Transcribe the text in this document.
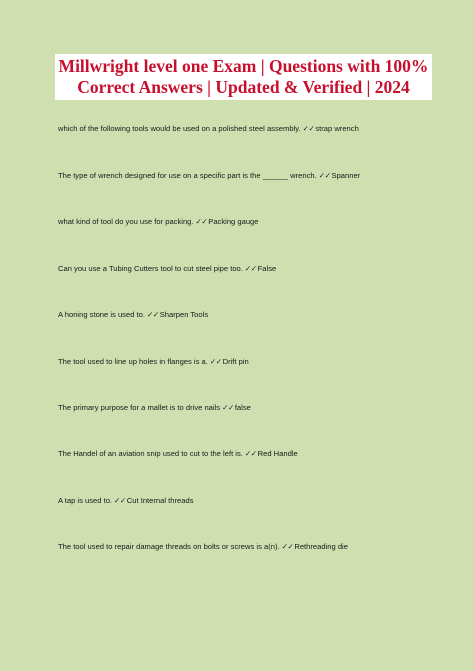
Millwright level one Exam | Questions with 100%
Correct Answers | Updated & Verified | 2024
which of the following tools would be used on a polished steel assembly. ✓✓strap wrench
The type of wrench designed for use on a specific part is the ______ wrench. ✓✓Spanner
what kind of tool do you use for packing. ✓✓Packing gauge
Can you use a Tubing Cutters tool to cut steel pipe too. ✓✓False
A honing stone is used to. ✓✓Sharpen Tools
The tool used to line up holes in flanges is a. ✓✓Drift pin
The primary purpose for a mallet is to drive nails ✓✓false
The Handel of an aviation snip used to cut to the left is. ✓✓Red Handle
A tap is used to. ✓✓Cut Internal threads
The tool used to repair damage threads on bolts or screws is a(n). ✓✓Rethreading die
